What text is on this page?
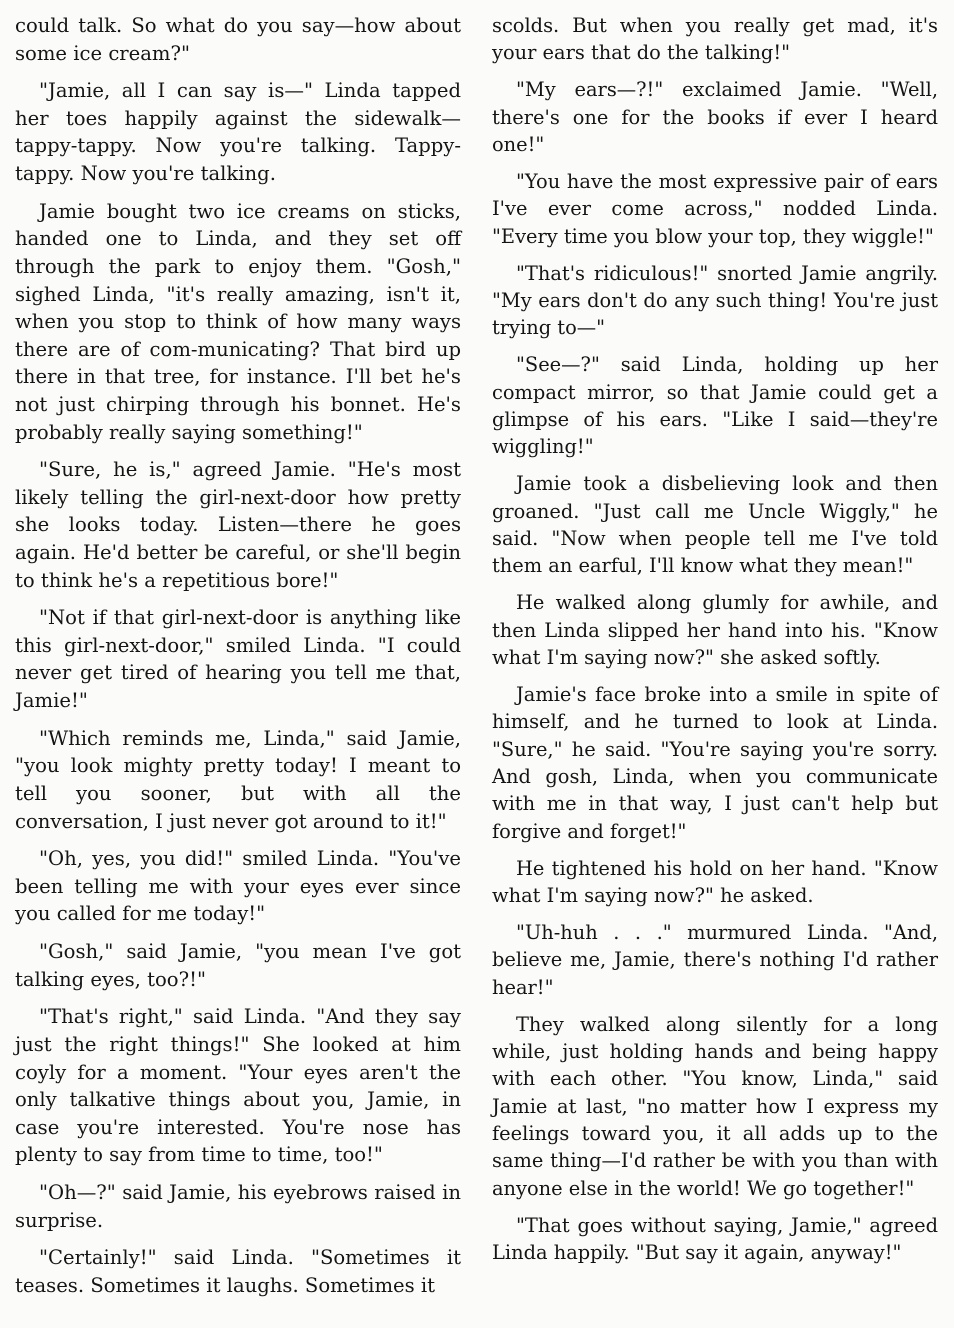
could talk. So what do you say—how about some ice cream?"

"Jamie, all I can say is—" Linda tapped her toes happily against the sidewalk—tappy-tappy. Now you're talking. Tappy-tappy. Now you're talking.

Jamie bought two ice creams on sticks, handed one to Linda, and they set off through the park to enjoy them. "Gosh," sighed Linda, "it's really amazing, isn't it, when you stop to think of how many ways there are of com-municating? That bird up there in that tree, for instance. I'll bet he's not just chirping through his bonnet. He's probably really saying something!"

"Sure, he is," agreed Jamie. "He's most likely telling the girl-next-door how pretty she looks today. Listen—there he goes again. He'd better be careful, or she'll begin to think he's a repetitious bore!"

"Not if that girl-next-door is anything like this girl-next-door," smiled Linda. "I could never get tired of hearing you tell me that, Jamie!"

"Which reminds me, Linda," said Jamie, "you look mighty pretty today! I meant to tell you sooner, but with all the conversation, I just never got around to it!"

"Oh, yes, you did!" smiled Linda. "You've been telling me with your eyes ever since you called for me today!"

"Gosh," said Jamie, "you mean I've got talking eyes, too?!"

"That's right," said Linda. "And they say just the right things!" She looked at him coyly for a moment. "Your eyes aren't the only talkative things about you, Jamie, in case you're interested. You're nose has plenty to say from time to time, too!"

"Oh—?" said Jamie, his eyebrows raised in surprise.

"Certainly!" said Linda. "Sometimes it teases. Sometimes it laughs. Sometimes it

scolds. But when you really get mad, it's your ears that do the talking!"

"My ears—?!" exclaimed Jamie. "Well, there's one for the books if ever I heard one!"

"You have the most expressive pair of ears I've ever come across," nodded Linda. "Every time you blow your top, they wiggle!"

"That's ridiculous!" snorted Jamie angrily. "My ears don't do any such thing! You're just trying to—"

"See—?" said Linda, holding up her compact mirror, so that Jamie could get a glimpse of his ears. "Like I said—they're wiggling!"

Jamie took a disbelieving look and then groaned. "Just call me Uncle Wiggly," he said. "Now when people tell me I've told them an earful, I'll know what they mean!"

He walked along glumly for awhile, and then Linda slipped her hand into his. "Know what I'm saying now?" she asked softly.

Jamie's face broke into a smile in spite of himself, and he turned to look at Linda. "Sure," he said. "You're saying you're sorry. And gosh, Linda, when you communicate with me in that way, I just can't help but forgive and forget!"

He tightened his hold on her hand. "Know what I'm saying now?" he asked.

"Uh-huh . . ." murmured Linda. "And, believe me, Jamie, there's nothing I'd rather hear!"

They walked along silently for a long while, just holding hands and being happy with each other. "You know, Linda," said Jamie at last, "no matter how I express my feelings toward you, it all adds up to the same thing—I'd rather be with you than with anyone else in the world! We go together!"

"That goes without saying, Jamie," agreed Linda happily. "But say it again, anyway!"
